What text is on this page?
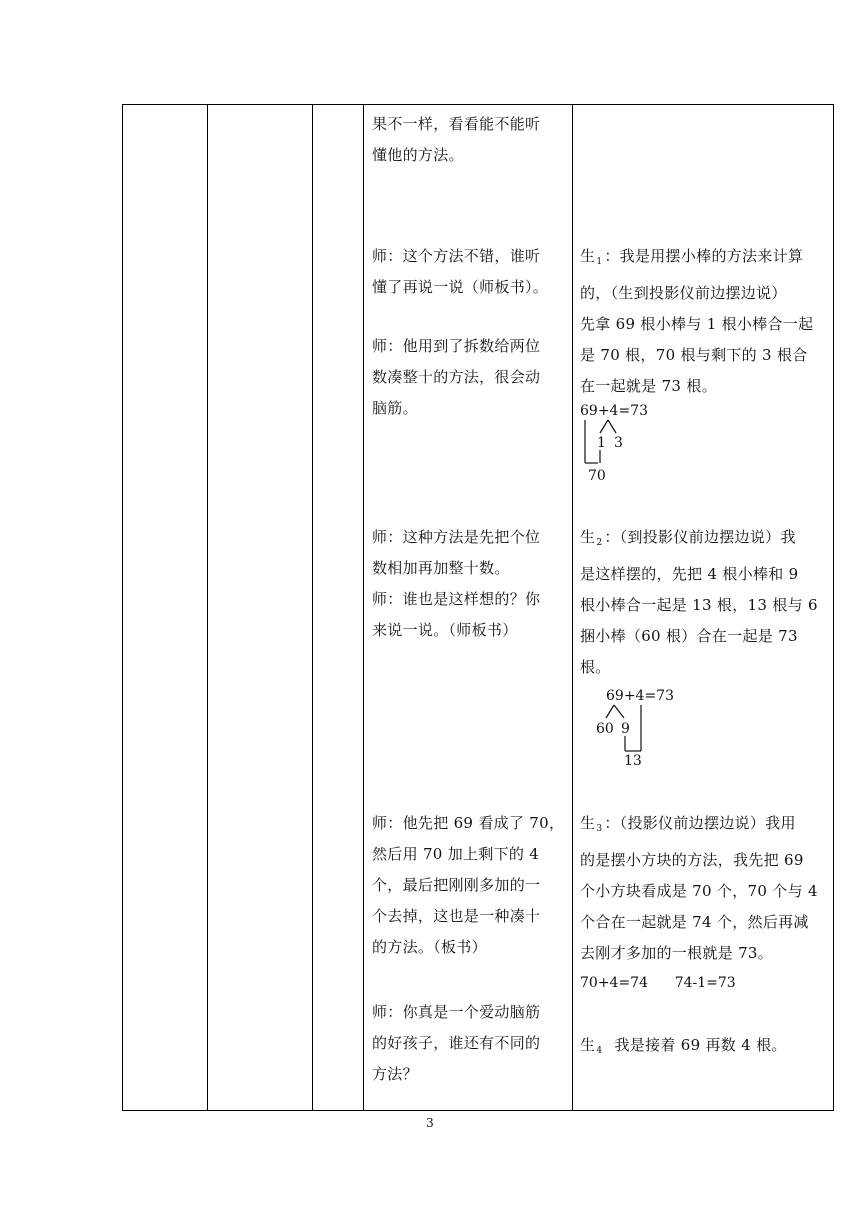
果不一样，看看能不能听

懂他的方法。

师：这个方法不错，谁听

懂了再说一说（师板书）。

师：他用到了拆数给两位

数凑整十的方法，很会动

脑筋。

师：这种方法是先把个位

数相加再加整十数。

师：谁也是这样想的？你

来说一说。（师板书）

师：他先把 69 看成了 70，

然后用 70 加上剩下的 4

个，最后把刚刚多加的一

个去掉，这也是一种凑十

的方法。（板书）

师：你真是一个爱动脑筋

的好孩子，谁还有不同的

方法？

生$_1$ ：我是用摆小棒的方法来计算

的，（生到投影仪前边摆边说）

先拿 69 根小棒与 1 根小棒合一起

是 70 根，70 根与剩下的 3 根合

在一起就是 73 根。

69+4=73
1 3
70

生$_2$ ：（到投影仪前边摆边说）我

是这样摆的，先把 4 根小棒和 9

根小棒合一起是 13 根，13 根与 6

捆小棒（60 根）合在一起是 73

根。

69+4=73
60 9
13

生$_3$ ：（投影仪前边摆边说）我用

的是摆小方块的方法，我先把 69

个小方块看成是 70 个，70 个与 4

个合在一起就是 74 个，然后再减

去刚才多加的一根就是 73。

70+4=74      74-1=73

生$_4$  我是接着 69 再数 4 根。

3
